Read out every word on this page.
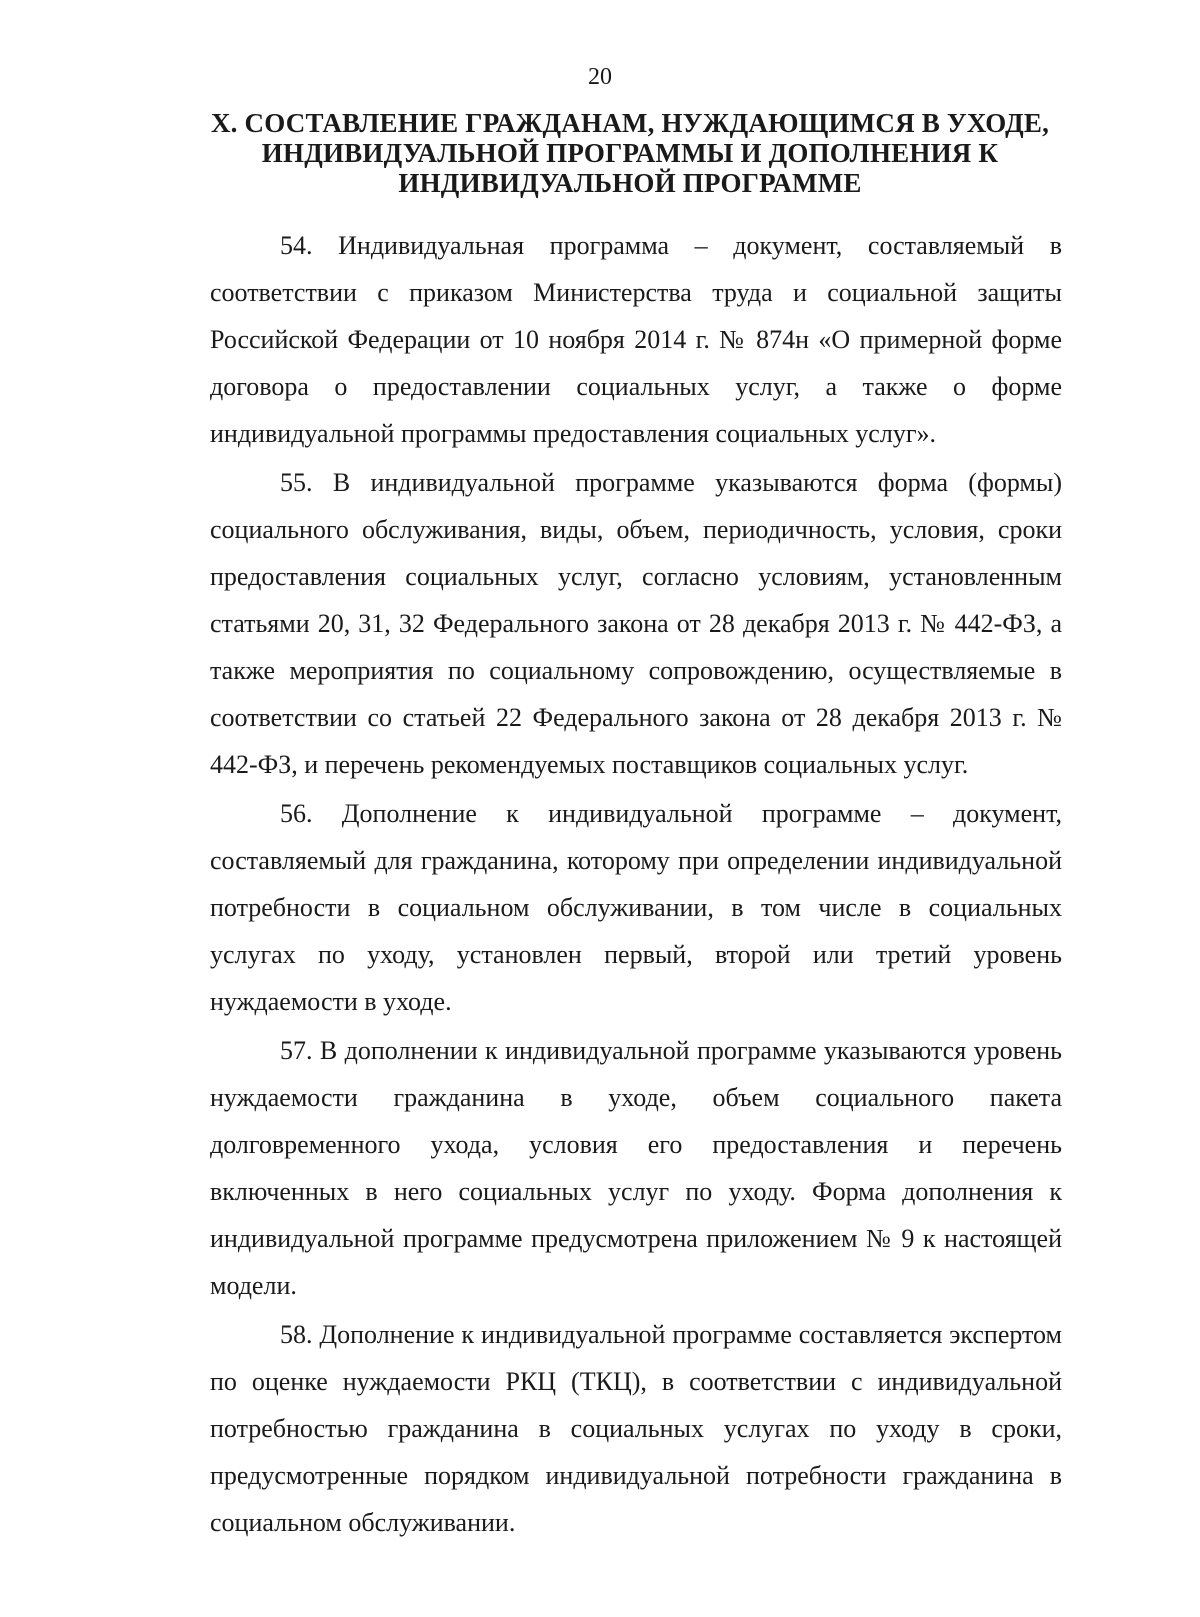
20
X. СОСТАВЛЕНИЕ ГРАЖДАНАМ, НУЖДАЮЩИМСЯ В УХОДЕ,
ИНДИВИДУАЛЬНОЙ ПРОГРАММЫ И ДОПОЛНЕНИЯ К
ИНДИВИДУАЛЬНОЙ ПРОГРАММЕ

54. Индивидуальная программа – документ, составляемый в соответствии с приказом Министерства труда и социальной защиты Российской Федерации от 10 ноября 2014 г. № 874н «О примерной форме договора о предоставлении социальных услуг, а также о форме индивидуальной программы предоставления социальных услуг».

55. В индивидуальной программе указываются форма (формы) социального обслуживания, виды, объем, периодичность, условия, сроки предоставления социальных услуг, согласно условиям, установленным статьями 20, 31, 32 Федерального закона от 28 декабря 2013 г. № 442-ФЗ, а также мероприятия по социальному сопровождению, осуществляемые в соответствии со статьей 22 Федерального закона от 28 декабря 2013 г. № 442-ФЗ, и перечень рекомендуемых поставщиков социальных услуг.

56. Дополнение к индивидуальной программе – документ, составляемый для гражданина, которому при определении индивидуальной потребности в социальном обслуживании, в том числе в социальных услугах по уходу, установлен первый, второй или третий уровень нуждаемости в уходе.

57. В дополнении к индивидуальной программе указываются уровень нуждаемости гражданина в уходе, объем социального пакета долговременного ухода, условия его предоставления и перечень включенных в него социальных услуг по уходу. Форма дополнения к индивидуальной программе предусмотрена приложением № 9 к настоящей модели.

58. Дополнение к индивидуальной программе составляется экспертом по оценке нуждаемости РКЦ (ТКЦ), в соответствии с индивидуальной потребностью гражданина в социальных услугах по уходу в сроки, предусмотренные порядком индивидуальной потребности гражданина в социальном обслуживании.
